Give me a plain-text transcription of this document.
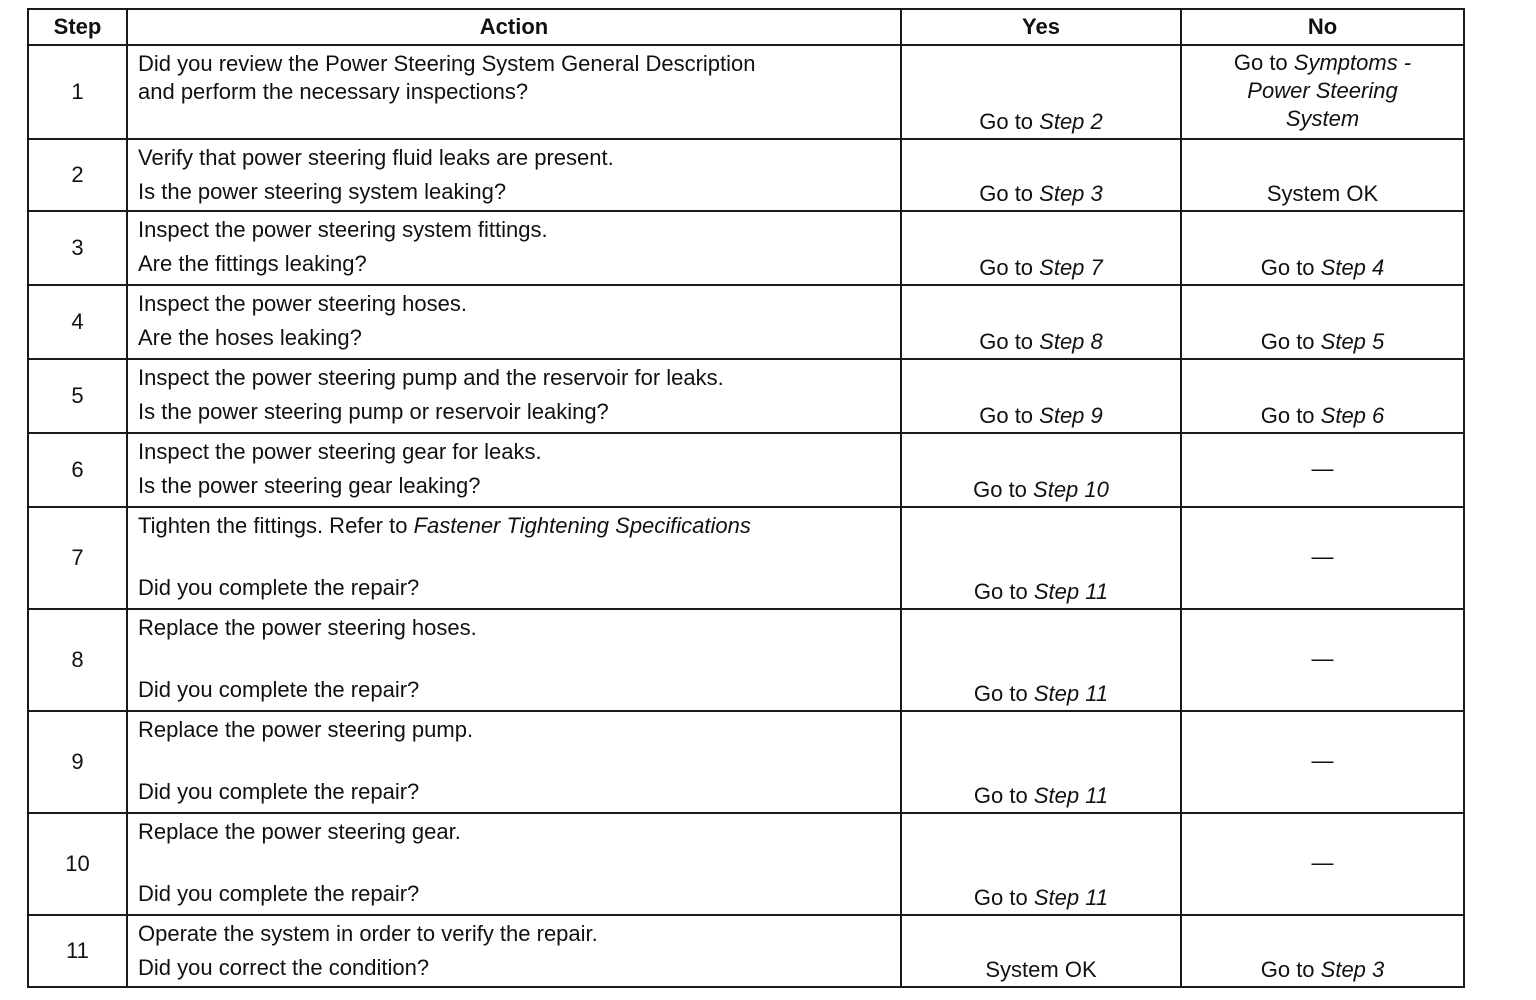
Step	Action	Yes	No
1	Did you review the Power Steering System General Description
and perform the necessary inspections?	Go to Step 2	Go to Symptoms -
Power Steering
System
2	Verify that power steering fluid leaks are present.
Is the power steering system leaking?	Go to Step 3	System OK
3	Inspect the power steering system fittings.
Are the fittings leaking?	Go to Step 7	Go to Step 4
4	Inspect the power steering hoses.
Are the hoses leaking?	Go to Step 8	Go to Step 5
5	Inspect the power steering pump and the reservoir for leaks.
Is the power steering pump or reservoir leaking?	Go to Step 9	Go to Step 6
6	Inspect the power steering gear for leaks.
Is the power steering gear leaking?	Go to Step 10	—
7	Tighten the fittings. Refer to Fastener Tightening Specifications
Did you complete the repair?	Go to Step 11	—
8	Replace the power steering hoses.
Did you complete the repair?	Go to Step 11	—
9	Replace the power steering pump.
Did you complete the repair?	Go to Step 11	—
10	Replace the power steering gear.
Did you complete the repair?	Go to Step 11	—
11	Operate the system in order to verify the repair.
Did you correct the condition?	System OK	Go to Step 3
